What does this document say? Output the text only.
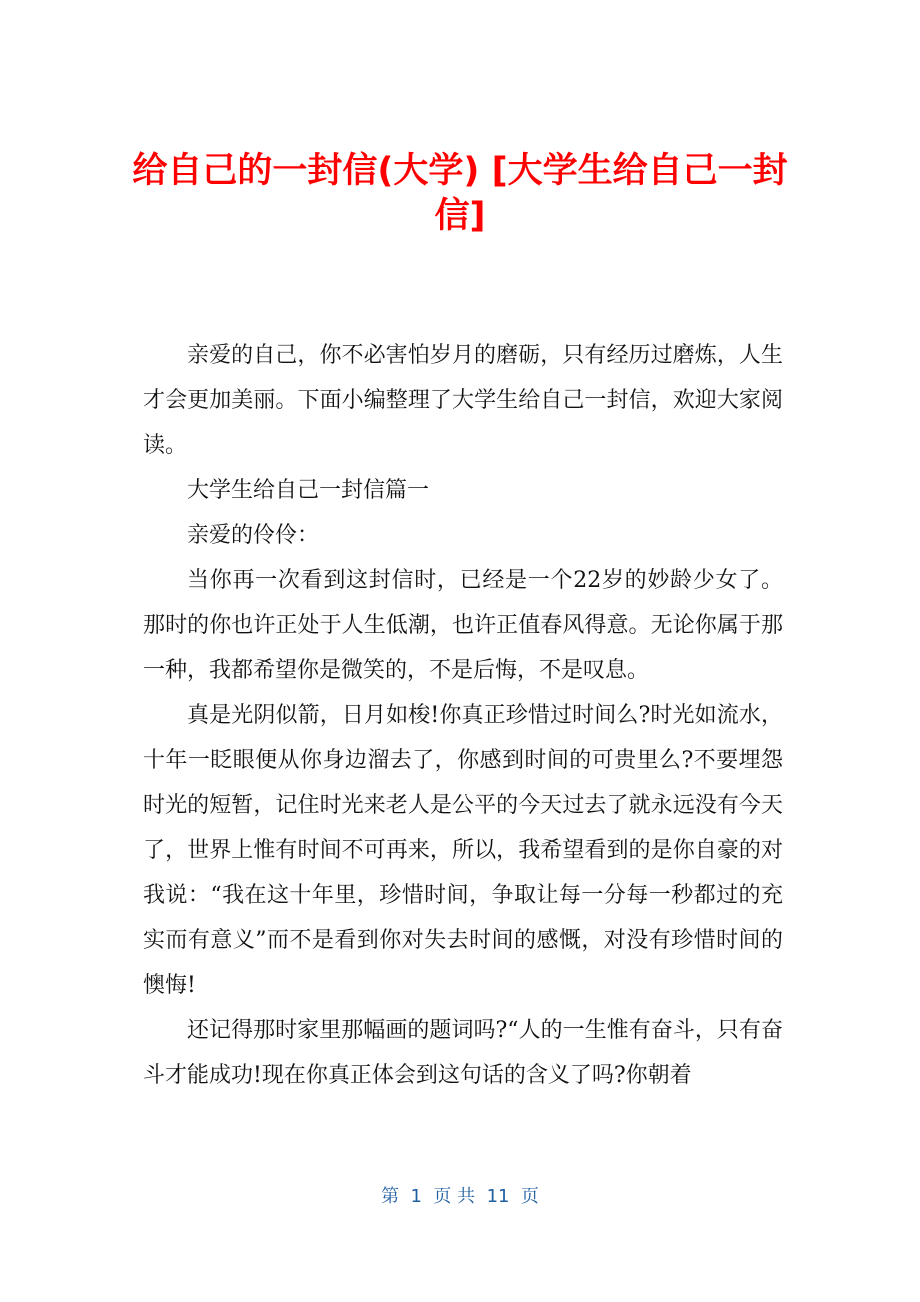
给自己的一封信(大学) [大学生给自己一封
信]

亲爱的自己，你不必害怕岁月的磨砺，只有经历过磨炼，人生才会更加美丽。下面小编整理了大学生给自己一封信，欢迎大家阅读。

大学生给自己一封信篇一

亲爱的伶伶：

当你再一次看到这封信时，已经是一个22岁的妙龄少女了。那时的你也许正处于人生低潮，也许正值春风得意。无论你属于那一种，我都希望你是微笑的，不是后悔，不是叹息。

真是光阴似箭，日月如梭!你真正珍惜过时间么?时光如流水，十年一眨眼便从你身边溜去了，你感到时间的可贵里么?不要埋怨时光的短暂，记住时光来老人是公平的今天过去了就永远没有今天了，世界上惟有时间不可再来，所以，我希望看到的是你自豪的对我说：“我在这十年里，珍惜时间，争取让每一分每一秒都过的充实而有意义”而不是看到你对失去时间的感慨，对没有珍惜时间的懊悔!

还记得那时家里那幅画的题词吗?“人的一生惟有奋斗，只有奋斗才能成功!现在你真正体会到这句话的含义了吗?你朝着

第  1  页 共  11  页
